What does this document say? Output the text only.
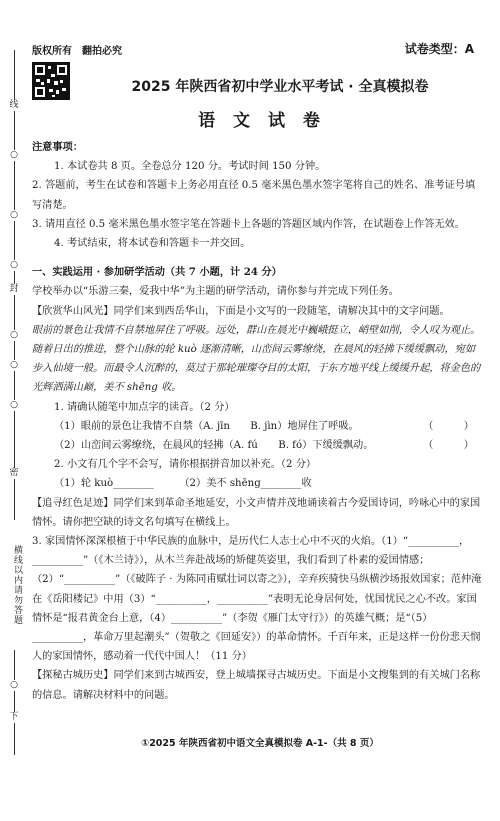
线
○
○
○
封
○
○
○
密
横线以内请勿答题
○
下
版权所有　翻拍必究	试卷类型：A
2025 年陕西省初中学业水平考试 · 全真模拟卷
语 文 试 卷

注意事项：

1. 本试卷共 8 页。全卷总分 120 分。考试时间 150 分钟。

2. 答题前，考生在试卷和答题卡上务必用直径 0.5 毫米黑色墨水签字笔将自己的姓名、准考证号填写清楚。

3. 请用直径 0.5 毫米黑色墨水签字笔在答题卡上各题的答题区域内作答，在试题卷上作答无效。

4. 考试结束，将本试卷和答题卡一并交回。

一、实践运用 · 参加研学活动（共 7 小题，计 24 分）

学校举办以“乐游三秦，爱我中华”为主题的研学活动，请你参与并完成下列任务。

【欣赏华山风光】同学们来到西岳华山，下面是小文写的一段随笔，请解决其中的文字问题。

眼前的景色让我情不自禁地屏住了呼吸。远处，群山在晨光中巍峨挺立，峭壁如削，令人叹为观止。随着日出的推进，整个山脉的轮 kuò 逐渐清晰，山峦间云雾缭绕，在晨风的轻拂下缓缓飘动，宛如步入仙境一般。而最令人沉醉的，莫过于那轮璀璨夺目的太阳，于东方地平线上缓缓升起，将金色的光辉洒满山巅，美不 shēng 收。

1. 请确认随笔中加点字的读音。（2 分）

（1）眼前的景色让我情不自禁（A. jīn　　B. jìn）地屏住了呼吸。	（　　　）
（2）山峦间云雾缭绕，在晨风的轻拂（A. fú　　B. fó）下缓缓飘动。	（　　　）

2. 小文有几个字不会写，请你根据拼音加以补充。（2 分）

（1）轮 kuò________　　　（2）美不 shēng________收

【追寻红色足迹】同学们来到革命圣地延安，小文声情并茂地诵读着古今爱国诗词，吟咏心中的家国情怀。请你把空缺的诗文名句填写在横线上。

3. 家国情怀深深根植于中华民族的血脉中，是历代仁人志士心中不灭的火焰。（1）“__________，__________”（《木兰诗》），从木兰奔赴战场的矫健英姿里，我们看到了朴素的爱国情感；（2）“__________”（《破阵子 · 为陈同甫赋壮词以寄之》），辛弃疾骑快马纵横沙场报效国家；范仲淹在《岳阳楼记》中用（3）“__________，__________”表明无论身居何处，忧国忧民之心不改。家国情怀是“报君黄金台上意，（4）__________”（李贺《雁门太守行》）的英雄气概；是“（5）__________，革命万里起潮头”（贺敬之《回延安》）的革命情怀。千百年来，正是这样一份份悲天悯人的家国情怀，感动着一代代中国人！（11 分）

【探秘古城历史】同学们来到古城西安，登上城墙探寻古城历史。下面是小文搜集到的有关城门名称的信息。请解决材料中的问题。

①2025 年陕西省初中语文全真模拟卷 A-1-（共 8 页）
